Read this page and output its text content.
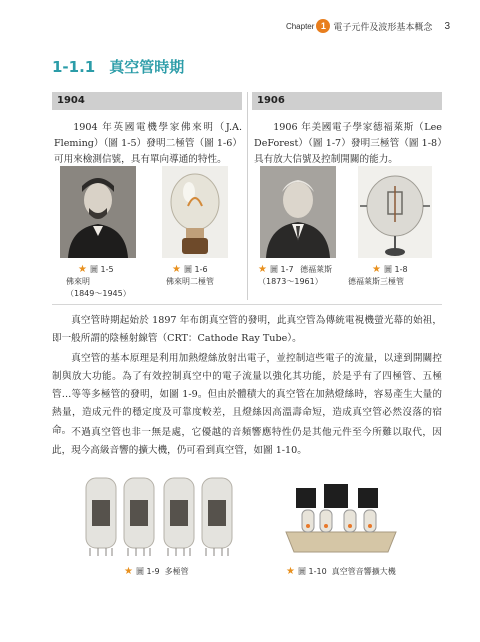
Chapter 1 電子元件及波形基本概念 3
1-1.1 真空管時期
1904	1906

1904 年英國電機學家佛來明（J.A. Fleming）（圖 1-5）發明二極管（圖 1-6）可用來檢測信號，具有單向導通的特性。

1906 年美國電子學家德福萊斯（Lee DeForest）（圖 1-7）發明三極管（圖 1-8）具有放大信號及控制開關的能力。

★ 圖 1-5
佛來明
（1849～1945）
★ 圖 1-6
佛來明二極管
★ 圖 1-7 德福萊斯
（1873～1961）
★ 圖 1-8
德福萊斯三極管

真空管時期起始於 1897 年布朗真空管的發明，此真空管為傳統電視機螢光幕的始祖，即一般所謂的陰極射線管（CRT：Cathode Ray Tube）。

真空管的基本原理是利用加熱燈絲放射出電子，並控制這些電子的流量，以達到開關控制與放大功能。為了有效控制真空中的電子流量以強化其功能，於是乎有了四極管、五極管…等等多極管的發明，如圖 1-9。但由於體積大的真空管在加熱燈絲時，容易產生大量的熱量，造成元件的穩定度及可靠度較差，且燈絲因高溫壽命短，造成真空管必然沒落的宿命。 不過真空管也非一無是處，它優越的音頻響應特性仍是其他元件至今所難以取代，因此，現今高級音響的擴大機，仍可看到真空管，如圖 1-10。

★ 圖 1-9 多極管	★ 圖 1-10 真空管音響擴大機
